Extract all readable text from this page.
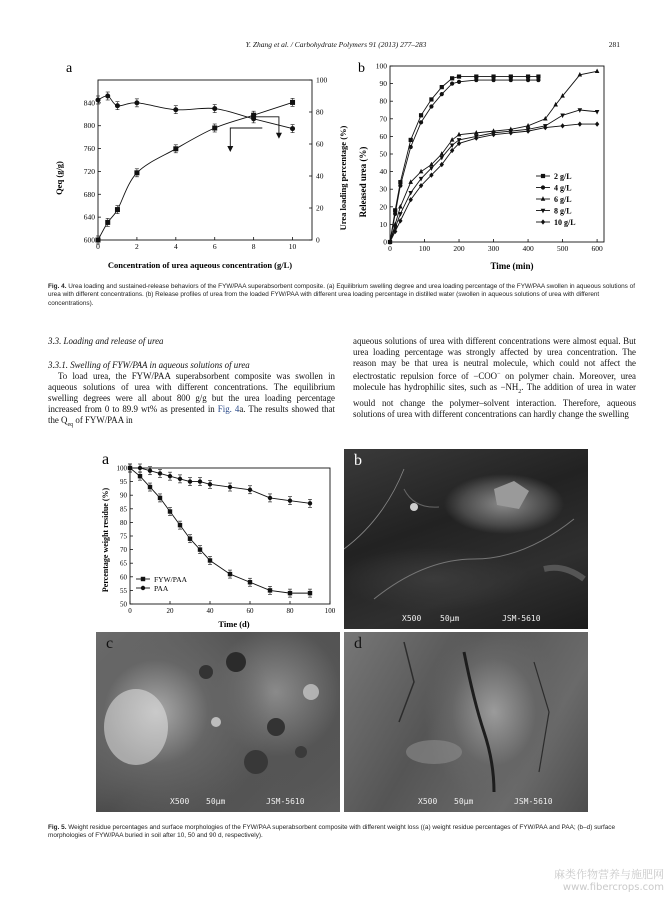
Y. Zhang et al. / Carbohydrate Polymers 91 (2013) 277–283	281
a
0	2	4	6	8	10
600
640
680
720
760
800
840
0
20
40
60
80
100
Concentration of urea aqueous concentration (g/L)
Qeq (g/g)	Urea loading percentage (%)
b
0	100	200	300	400	500	600
0
10
20
30
40
50
60
70
80
90
100
2 g/L
4 g/L
6 g/L
8 g/L
10 g/L
Time (min)
Released urea (%)
Fig. 4. Urea loading and sustained-release behaviors of the FYW/PAA superabsorbent composite. (a) Equilibrium swelling degree and urea loading percentage of the FYW/PAA swollen in aqueous solutions of urea with different concentrations. (b) Release profiles of urea from the loaded FYW/PAA with different urea loading percentage in distilled water (swollen in aqueous solutions of urea with different concentrations).

3.3. Loading and release of urea

3.3.1. Swelling of FYW/PAA in aqueous solutions of urea

To load urea, the FYW/PAA superabsorbent composite was swollen in aqueous solutions of urea with different concentrations. The equilibrium swelling degrees were all about 800 g/g but the urea loading percentage increased from 0 to 89.9 wt% as presented in Fig. 4a. The results showed that the $Q_{eq}$ of FYW/PAA in

aqueous solutions of urea with different concentrations were almost equal. But urea loading percentage was strongly affected by urea concentration. The reason may be that urea is neutral molecule, which could not affect the electrostatic repulsion force of −COO− on polymer chain. Moreover, urea molecule has hydrophilic sites, such as $-NH_2$. The addition of urea in water would not change the polymer–solvent interaction. Therefore, aqueous solutions of urea with different concentrations can hardly change the swelling

a
0	20	40	60	80	100
50
55
60
65
70
75
80
85
90
95
100
FYW/PAA
PAA
Time (d)
Percentage weight residue (%)
b
X500 50μm	JSM-5610
c
X500 50μm	JSM-5610
d
X500 50μm	JSM-5610
Fig. 5. Weight residue percentages and surface morphologies of the FYW/PAA superabsorbent composite with different weight loss ((a) weight residue percentages of FYW/PAA and PAA; (b–d) surface morphologies of FYW/PAA buried in soil after 10, 50 and 90 d, respectively).
麻类作物营养与施肥网
www.fibercrops.com
